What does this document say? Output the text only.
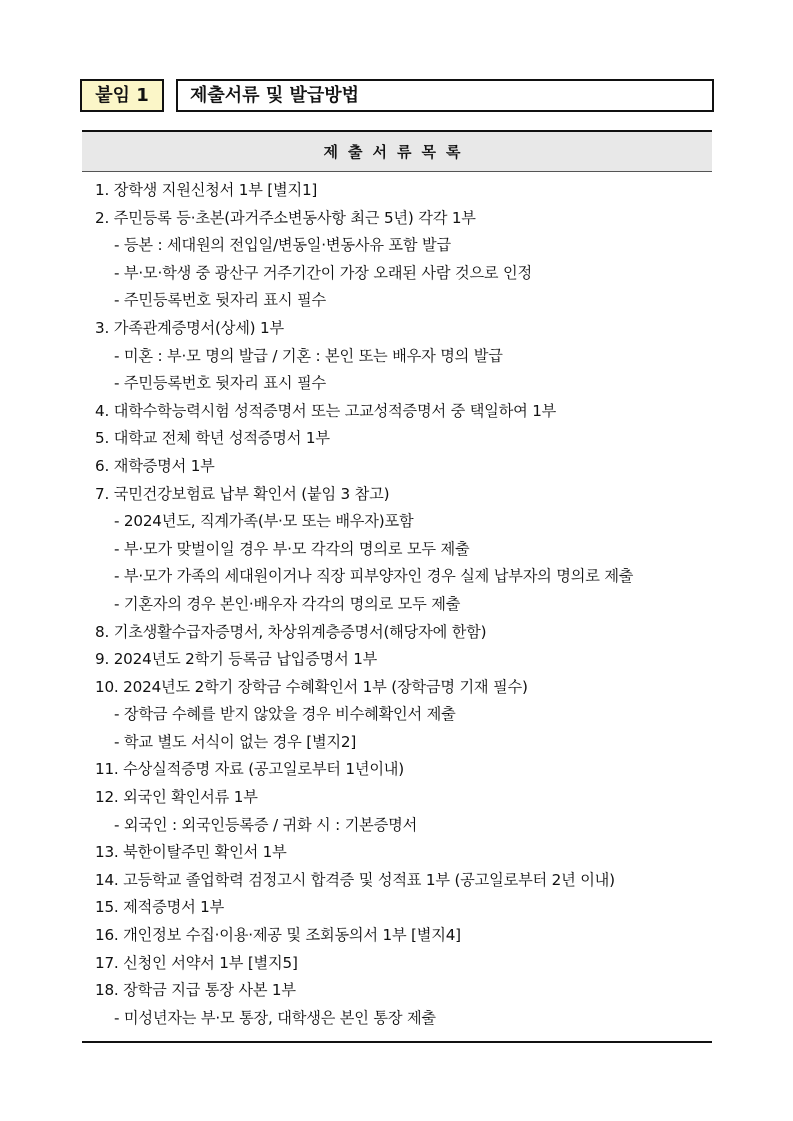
붙임 1	제출서류 및 발급방법
제출서류목록
1. 장학생 지원신청서 1부 [별지1]
2. 주민등록 등·초본(과거주소변동사항 최근 5년) 각각 1부
- 등본 : 세대원의 전입일/변동일·변동사유 포함 발급
- 부·모·학생 중 광산구 거주기간이 가장 오래된 사람 것으로 인정
- 주민등록번호 뒷자리 표시 필수
3. 가족관계증명서(상세) 1부
- 미혼 : 부·모 명의 발급 / 기혼 : 본인 또는 배우자 명의 발급
- 주민등록번호 뒷자리 표시 필수
4. 대학수학능력시험 성적증명서 또는 고교성적증명서 중 택일하여 1부
5. 대학교 전체 학년 성적증명서 1부
6. 재학증명서 1부
7. 국민건강보험료 납부 확인서 (붙임 3 참고)
- 2024년도, 직계가족(부·모 또는 배우자)포함
- 부·모가 맞벌이일 경우 부·모 각각의 명의로 모두 제출
- 부·모가 가족의 세대원이거나 직장 피부양자인 경우 실제 납부자의 명의로 제출
- 기혼자의 경우 본인·배우자 각각의 명의로 모두 제출
8. 기초생활수급자증명서, 차상위계층증명서(해당자에 한함)
9. 2024년도 2학기 등록금 납입증명서 1부
10. 2024년도 2학기 장학금 수혜확인서 1부 (장학금명 기재 필수)
- 장학금 수혜를 받지 않았을 경우 비수혜확인서 제출
- 학교 별도 서식이 없는 경우 [별지2]
11. 수상실적증명 자료 (공고일로부터 1년이내)
12. 외국인 확인서류 1부
- 외국인 : 외국인등록증 / 귀화 시 : 기본증명서
13. 북한이탈주민 확인서 1부
14. 고등학교 졸업학력 검정고시 합격증 및 성적표 1부 (공고일로부터 2년 이내)
15. 제적증명서 1부
16. 개인정보 수집·이용·제공 및 조회동의서 1부 [별지4]
17. 신청인 서약서 1부 [별지5]
18. 장학금 지급 통장 사본 1부
- 미성년자는 부·모 통장, 대학생은 본인 통장 제출
